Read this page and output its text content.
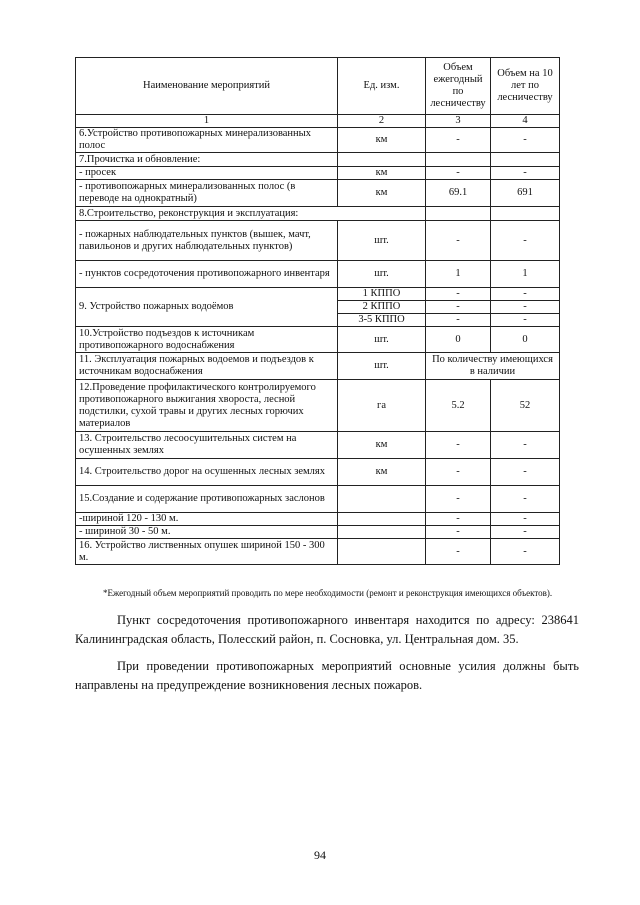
Наименование мероприятий	Ед. изм.	Объем ежегодный по лесничеству	Объем на 10 лет по лесничеству
1	2	3	4
6.Устройство противопожарных минерализованных полос	км	-	-
7.Прочистка и обновление:			
- просек	км	-	-
- противопожарных минерализованных полос (в переводе на однократный)	км	69.1	691
8.Строительство, реконструкция и эксплуатация:			
- пожарных наблюдательных пунктов (вышек, мачт, павильонов и других наблюдательных пунктов)	шт.	-	-
- пунктов сосредоточения противопожарного инвентаря	шт.	1	1
9. Устройство пожарных водоёмов	1 КППО	-	-
	2 КППО	-	-
	3-5 КППО	-	-
10.Устройство подъездов к источникам противопожарного водоснабжения	шт.	0	0
11. Эксплуатация пожарных водоемов и подъездов к источникам водоснабжения	шт.	По количеству имеющихся в наличии	
12.Проведение профилактического контролируемого противопожарного выжигания хвороста, лесной подстилки, сухой травы и других лесных горючих материалов	га	5.2	52
13. Строительство лесоосушительных систем на осушенных землях	км	-	-
14. Строительство дорог на осушенных лесных землях	км	-	-
15.Создание и содержание противопожарных заслонов		-	-
-шириной 120 - 130 м.		-	-
- шириной 30 - 50 м.		-	-
16. Устройство лиственных опушек шириной 150 - 300 м.		-	-
*Ежегодный объем мероприятий проводить по мере необходимости (ремонт и реконструкция имеющихся объектов).
Пункт сосредоточения противопожарного инвентаря находится по адресу: 238641 Калининградская область, Полесский район, п. Сосновка, ул. Центральная дом. 35.
При проведении противопожарных мероприятий основные усилия должны быть направлены на предупреждение возникновения лесных пожаров.
94
